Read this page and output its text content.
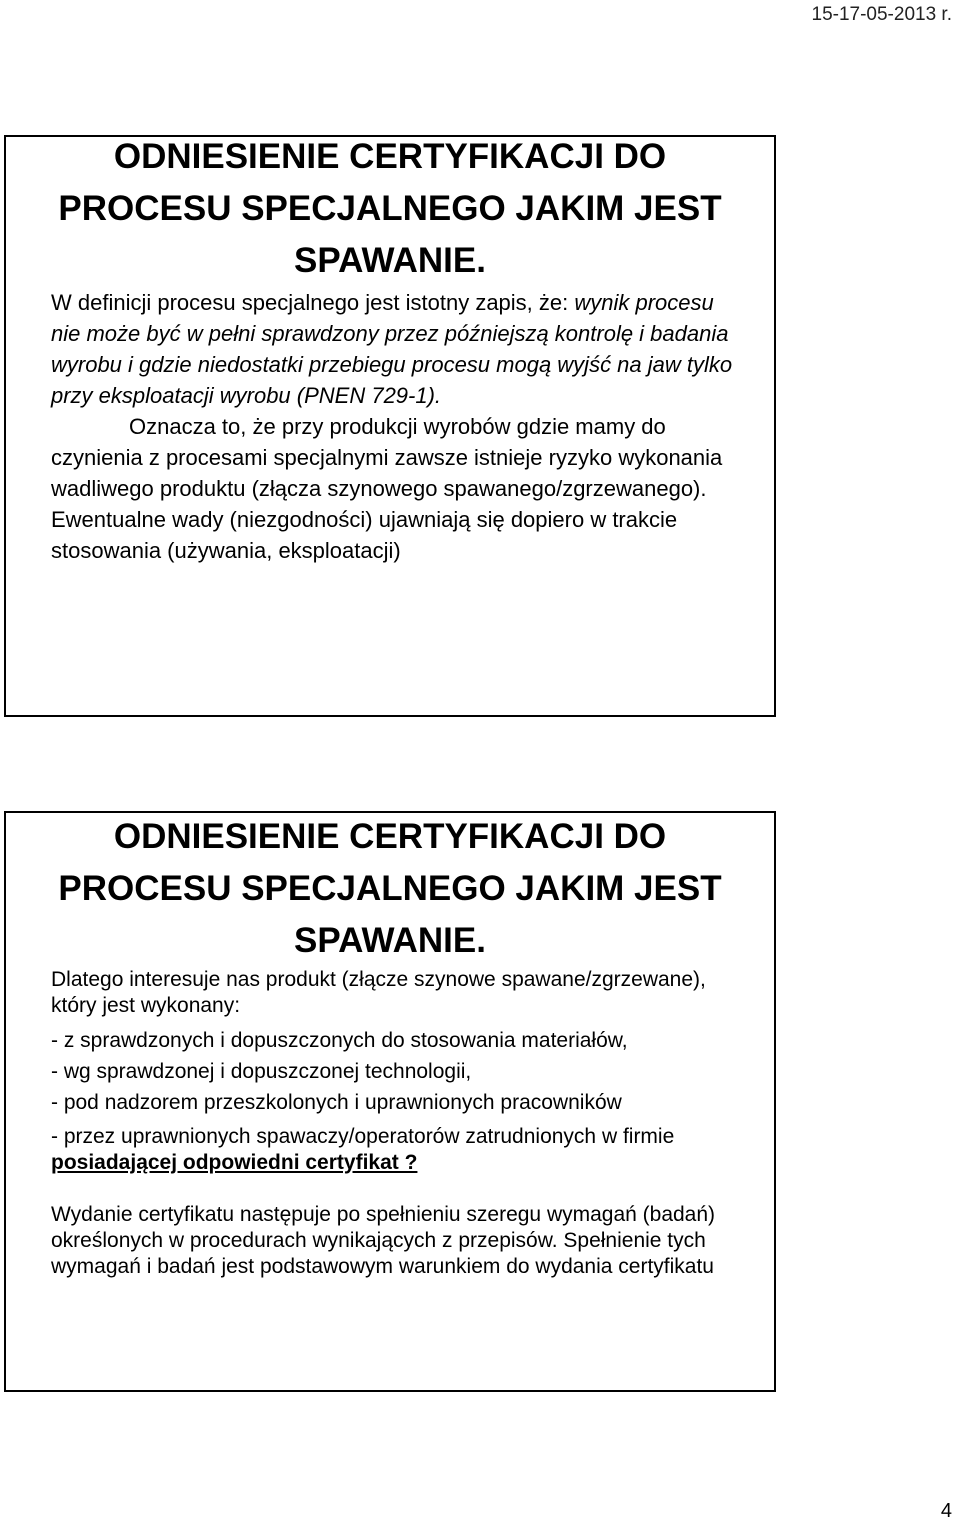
15-17-05-2013 r.
ODNIESIENIE CERTYFIKACJI DO
PROCESU SPECJALNEGO JAKIM JEST
SPAWANIE.

W definicji procesu specjalnego jest istotny zapis, że: wynik procesu nie może być w pełni sprawdzony przez późniejszą kontrolę i badania wyrobu i gdzie niedostatki przebiegu procesu mogą wyjść na jaw tylko przy eksploatacji wyrobu (PNEN 729-1).

Oznacza to, że przy produkcji wyrobów gdzie mamy do czynienia z procesami specjalnymi zawsze istnieje ryzyko wykonania wadliwego produktu (złącza szynowego spawanego/zgrzewanego). Ewentualne wady (niezgodności) ujawniają się dopiero w trakcie stosowania (używania, eksploatacji)

ODNIESIENIE CERTYFIKACJI DO
PROCESU SPECJALNEGO JAKIM JEST
SPAWANIE.

Dlatego interesuje nas produkt (złącze szynowe spawane/zgrzewane), który jest wykonany:

- z sprawdzonych i dopuszczonych do stosowania materiałów,

- wg sprawdzonej i dopuszczonej technologii,

- pod nadzorem przeszkolonych i uprawnionych pracowników

- przez uprawnionych spawaczy/operatorów zatrudnionych w firmie posiadającej odpowiedni certyfikat ?

Wydanie certyfikatu następuje po spełnieniu szeregu wymagań (badań) określonych w procedurach wynikających z przepisów. Spełnienie tych wymagań i badań jest podstawowym warunkiem do wydania certyfikatu

4
